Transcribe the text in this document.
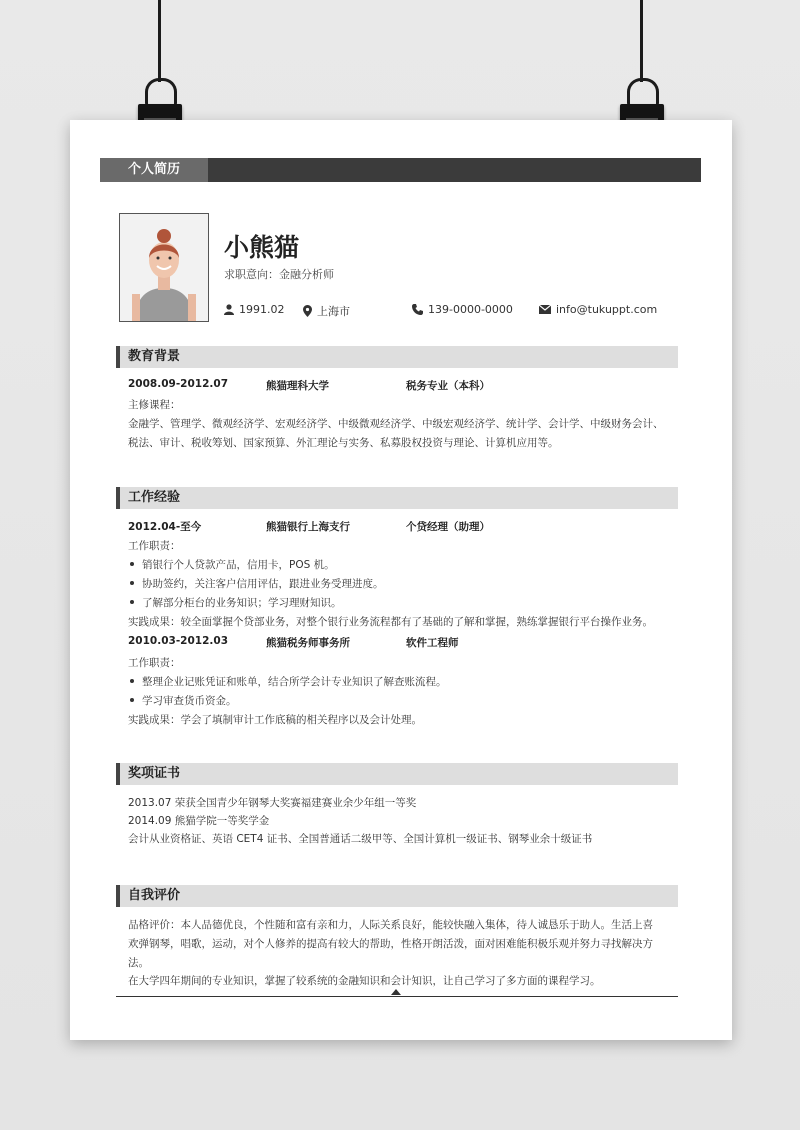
个人简历
小熊猫
求职意向：金融分析师
1991.02	上海市	139-0000-0000	info@tukuppt.com
教育背景
2008.09-2012.07	熊猫理科大学	税务专业（本科）
主修课程：
金融学、管理学、微观经济学、宏观经济学、中级微观经济学、中级宏观经济学、统计学、会计学、中级财务会计、
税法、审计、税收筹划、国家预算、外汇理论与实务、私募股权投资与理论、计算机应用等。
工作经验
2012.04-至今	熊猫银行上海支行	个贷经理（助理）
工作职责：
销银行个人贷款产品，信用卡，POS 机。
协助签约，关注客户信用评估，跟进业务受理进度。
了解部分柜台的业务知识；学习理财知识。
实践成果：较全面掌握个贷部业务，对整个银行业务流程都有了基础的了解和掌握，熟练掌握银行平台操作业务。
2010.03-2012.03	熊猫税务师事务所	软件工程师
工作职责：
整理企业记账凭证和账单，结合所学会计专业知识了解查账流程。
学习审查货币资金。
实践成果：学会了填制审计工作底稿的相关程序以及会计处理。
奖项证书
2013.07 荣获全国青少年钢琴大奖赛福建赛业余少年组一等奖
2014.09 熊猫学院一等奖学金
会计从业资格证、英语 CET4 证书、全国普通话二级甲等、全国计算机一级证书、钢琴业余十级证书
自我评价
品格评价：本人品德优良，个性随和富有亲和力，人际关系良好，能较快融入集体，待人诚恳乐于助人。生活上喜
欢弹钢琴，唱歌，运动，对个人修养的提高有较大的帮助，性格开朗活泼，面对困难能积极乐观并努力寻找解决方
法。
在大学四年期间的专业知识，掌握了较系统的金融知识和会计知识，让自己学习了多方面的课程学习。
